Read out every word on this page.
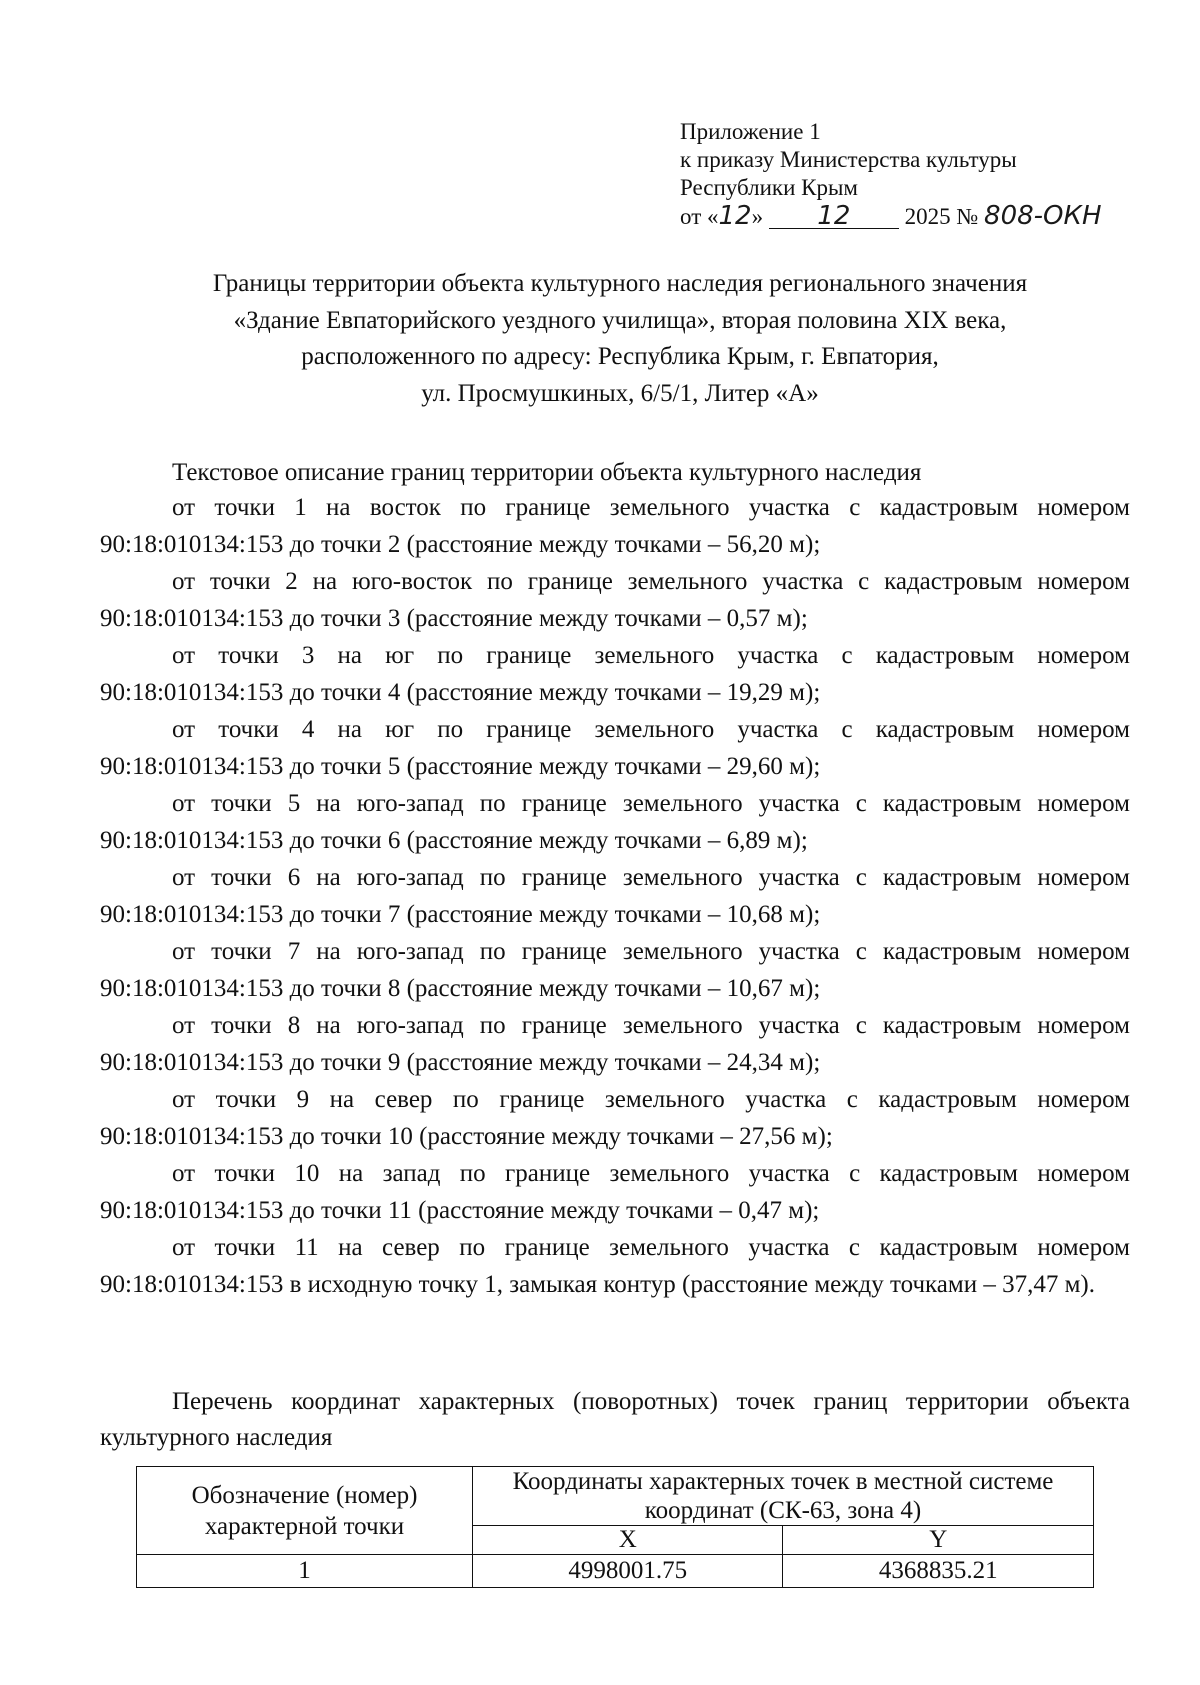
Приложение 1
к приказу Министерства культуры
Республики Крым
от «12» 12 2025 № 808-ОКН
Границы территории объекта культурного наследия регионального значения
«Здание Евпаторийского уездного училища», вторая половина XIX века,
расположенного по адресу: Республика Крым, г. Евпатория,
ул. Просмушкиных, 6/5/1, Литер «А»
Текстовое описание границ территории объекта культурного наследия

от точки 1 на восток по границе земельного участка с кадастровым номером 90:18:010134:153 до точки 2 (расстояние между точками – 56,20 м);

от точки 2 на юго-восток по границе земельного участка с кадастровым номером 90:18:010134:153 до точки 3 (расстояние между точками – 0,57 м);

от точки 3 на юг по границе земельного участка с кадастровым номером 90:18:010134:153 до точки 4 (расстояние между точками – 19,29 м);

от точки 4 на юг по границе земельного участка с кадастровым номером 90:18:010134:153 до точки 5 (расстояние между точками – 29,60 м);

от точки 5 на юго-запад по границе земельного участка с кадастровым номером 90:18:010134:153 до точки 6 (расстояние между точками – 6,89 м);

от точки 6 на юго-запад по границе земельного участка с кадастровым номером 90:18:010134:153 до точки 7 (расстояние между точками – 10,68 м);

от точки 7 на юго-запад по границе земельного участка с кадастровым номером 90:18:010134:153 до точки 8 (расстояние между точками – 10,67 м);

от точки 8 на юго-запад по границе земельного участка с кадастровым номером 90:18:010134:153 до точки 9 (расстояние между точками – 24,34 м);

от точки 9 на север по границе земельного участка с кадастровым номером 90:18:010134:153 до точки 10 (расстояние между точками – 27,56 м);

от точки 10 на запад по границе земельного участка с кадастровым номером 90:18:010134:153 до точки 11 (расстояние между точками – 0,47 м);

от точки 11 на север по границе земельного участка с кадастровым номером 90:18:010134:153 в исходную точку 1, замыкая контур (расстояние между точками – 37,47 м).

Перечень координат характерных (поворотных) точек границ территории объекта культурного наследия
Обозначение (номер) характерной точки	Координаты характерных точек в местной системе координат (СК-63, зона 4)	
	X	Y
1	4998001.75	4368835.21
